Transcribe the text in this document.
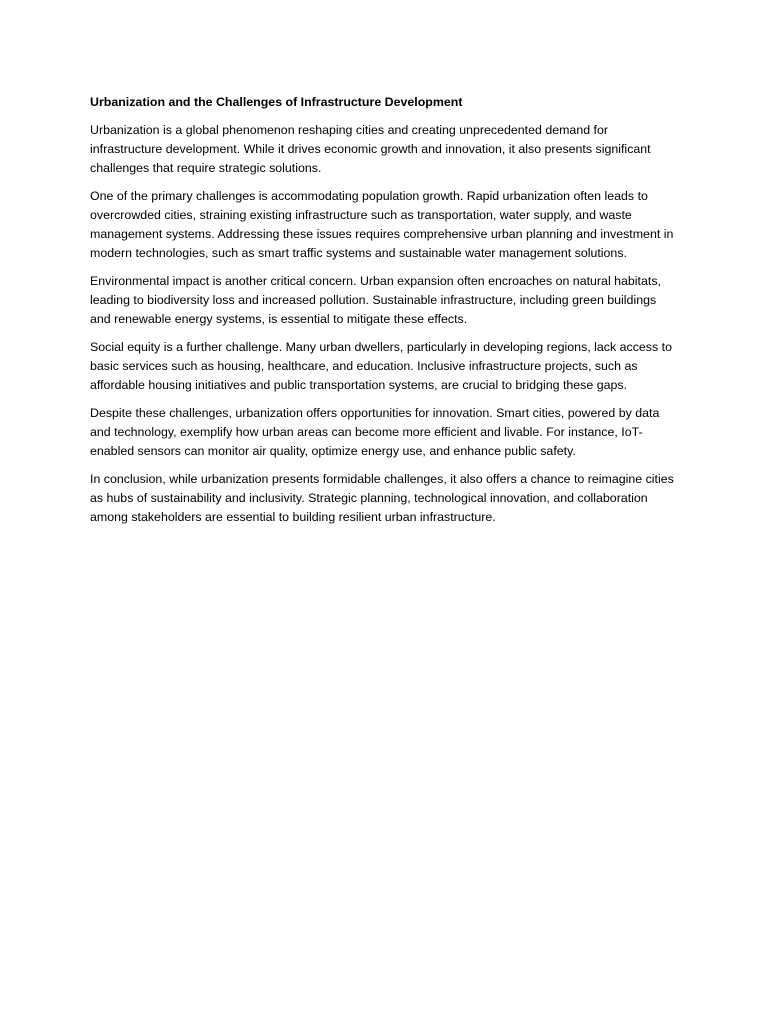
Urbanization and the Challenges of Infrastructure Development

Urbanization is a global phenomenon reshaping cities and creating unprecedented demand for infrastructure development. While it drives economic growth and innovation, it also presents significant challenges that require strategic solutions.

One of the primary challenges is accommodating population growth. Rapid urbanization often leads to overcrowded cities, straining existing infrastructure such as transportation, water supply, and waste management systems. Addressing these issues requires comprehensive urban planning and investment in modern technologies, such as smart traffic systems and sustainable water management solutions.

Environmental impact is another critical concern. Urban expansion often encroaches on natural habitats, leading to biodiversity loss and increased pollution. Sustainable infrastructure, including green buildings and renewable energy systems, is essential to mitigate these effects.

Social equity is a further challenge. Many urban dwellers, particularly in developing regions, lack access to basic services such as housing, healthcare, and education. Inclusive infrastructure projects, such as affordable housing initiatives and public transportation systems, are crucial to bridging these gaps.

Despite these challenges, urbanization offers opportunities for innovation. Smart cities, powered by data and technology, exemplify how urban areas can become more efficient and livable. For instance, IoT-enabled sensors can monitor air quality, optimize energy use, and enhance public safety.

In conclusion, while urbanization presents formidable challenges, it also offers a chance to reimagine cities as hubs of sustainability and inclusivity. Strategic planning, technological innovation, and collaboration among stakeholders are essential to building resilient urban infrastructure.
